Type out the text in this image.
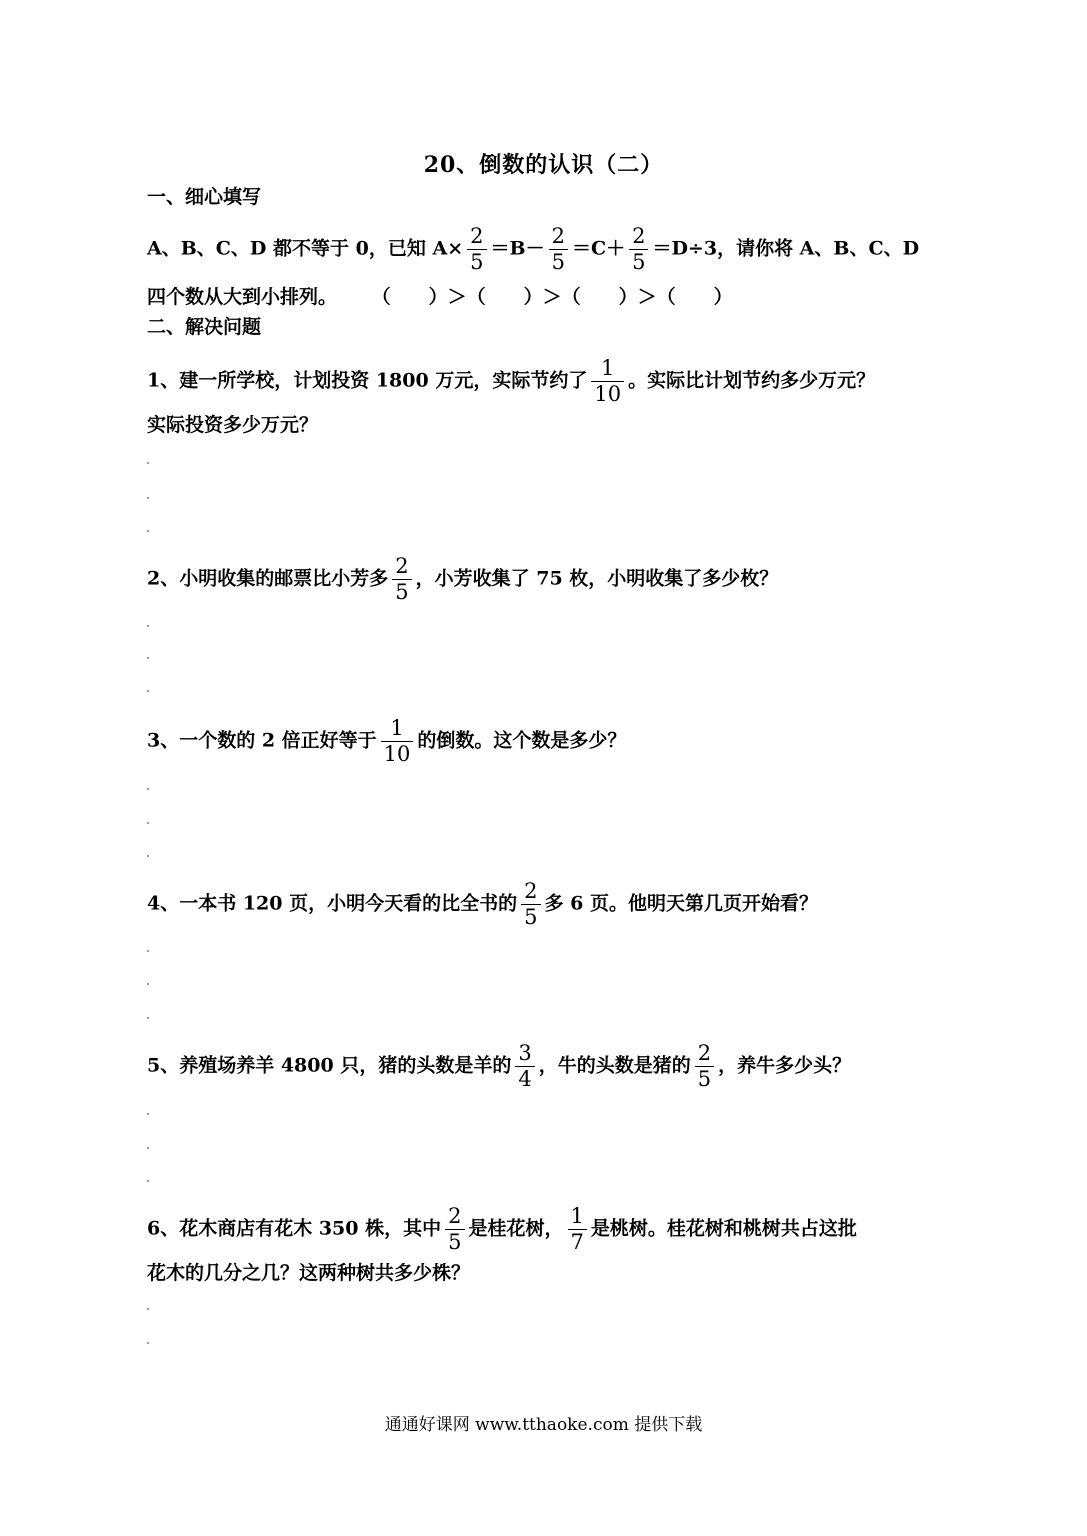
20、倒数的认识（二）
一、细心填写
A、B、C、D 都不等于 0，已知 $A\times \frac{2}{5} =B- \frac{2}{5} =C+ \frac{2}{5} =D\div 3$，请你将 A、B、C、D
四个数从大到小排列。 （　　）＞（　　）＞（　　）＞（　　）
二、解决问题
1、建一所学校，计划投资 1800 万元，实际节约了 $\frac{1}{10}$ 。实际比计划节约多少万元？
实际投资多少万元？
2、小明收集的邮票比小芳多 $\frac{2}{5}$ ，小芳收集了 75 枚，小明收集了多少枚？
3、一个数的 2 倍正好等于 $\frac{1}{10}$ 的倒数。这个数是多少？
4、一本书 120 页，小明今天看的比全书的 $\frac{2}{5}$ 多 6 页。他明天第几页开始看？
5、养殖场养羊 4800 只，猪的头数是羊的 $\frac{3}{4}$ ，牛的头数是猪的 $\frac{2}{5}$ ，养牛多少头？
6、花木商店有花木 350 株，其中 $\frac{2}{5}$ 是桂花树， $\frac{1}{7}$ 是桃树。桂花树和桃树共占这批
花木的几分之几？这两种树共多少株？
通通好课网 www.tthaoke.com 提供下载
